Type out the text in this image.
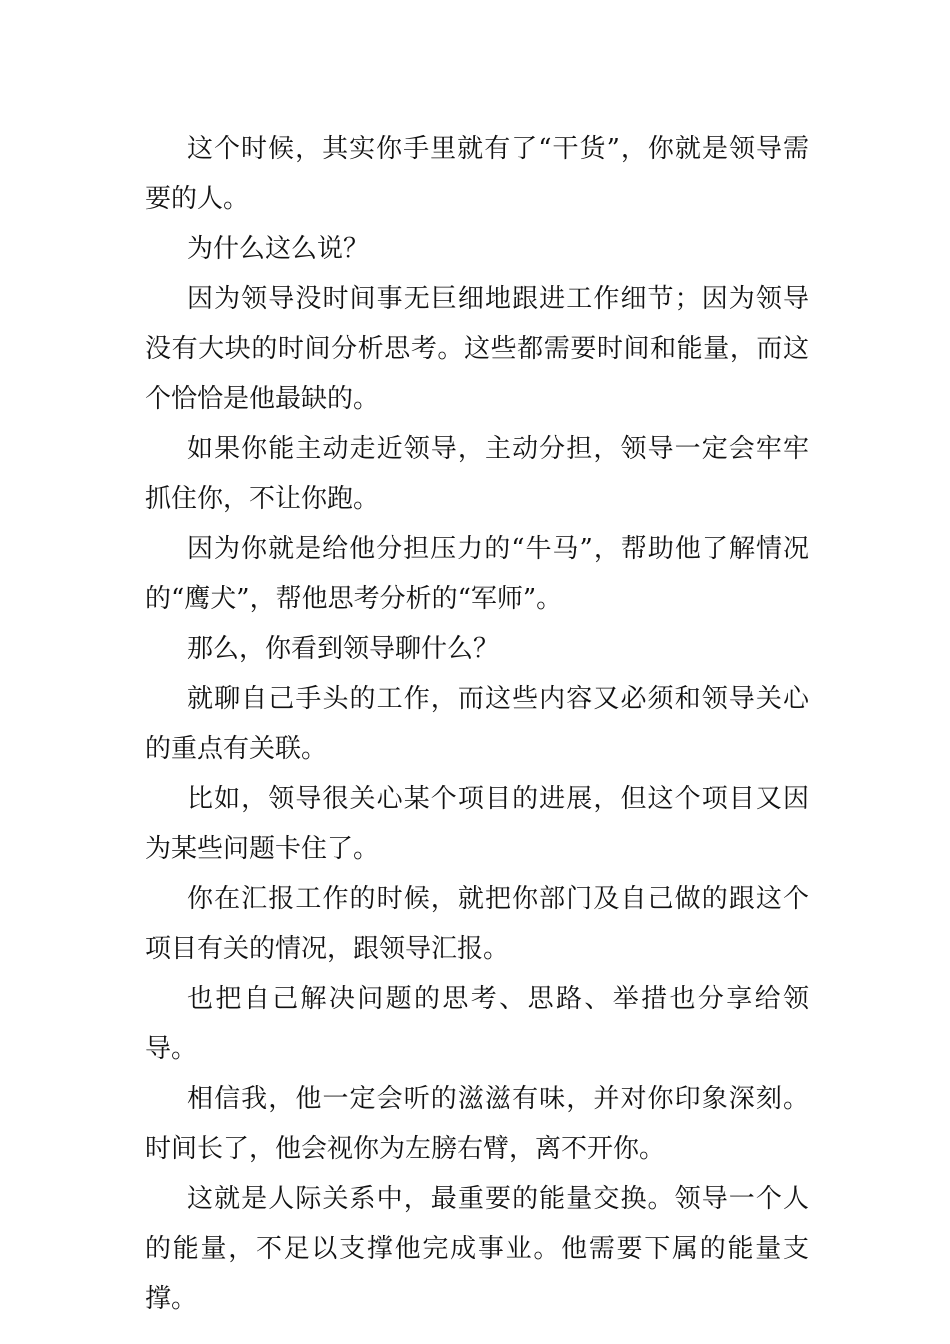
这个时候，其实你手里就有了“干货”，你就是领导需要的人。

为什么这么说？

因为领导没时间事无巨细地跟进工作细节；因为领导没有大块的时间分析思考。这些都需要时间和能量，而这个恰恰是他最缺的。

如果你能主动走近领导，主动分担，领导一定会牢牢抓住你，不让你跑。

因为你就是给他分担压力的“牛马”，帮助他了解情况的“鹰犬”，帮他思考分析的“军师”。

那么，你看到领导聊什么？

就聊自己手头的工作，而这些内容又必须和领导关心的重点有关联。

比如，领导很关心某个项目的进展，但这个项目又因为某些问题卡住了。

你在汇报工作的时候，就把你部门及自己做的跟这个项目有关的情况，跟领导汇报。

也把自己解决问题的思考、思路、举措也分享给领导。

相信我，他一定会听的滋滋有味，并对你印象深刻。时间长了，他会视你为左膀右臂，离不开你。

这就是人际关系中，最重要的能量交换。领导一个人的能量，不足以支撑他完成事业。他需要下属的能量支撑。
